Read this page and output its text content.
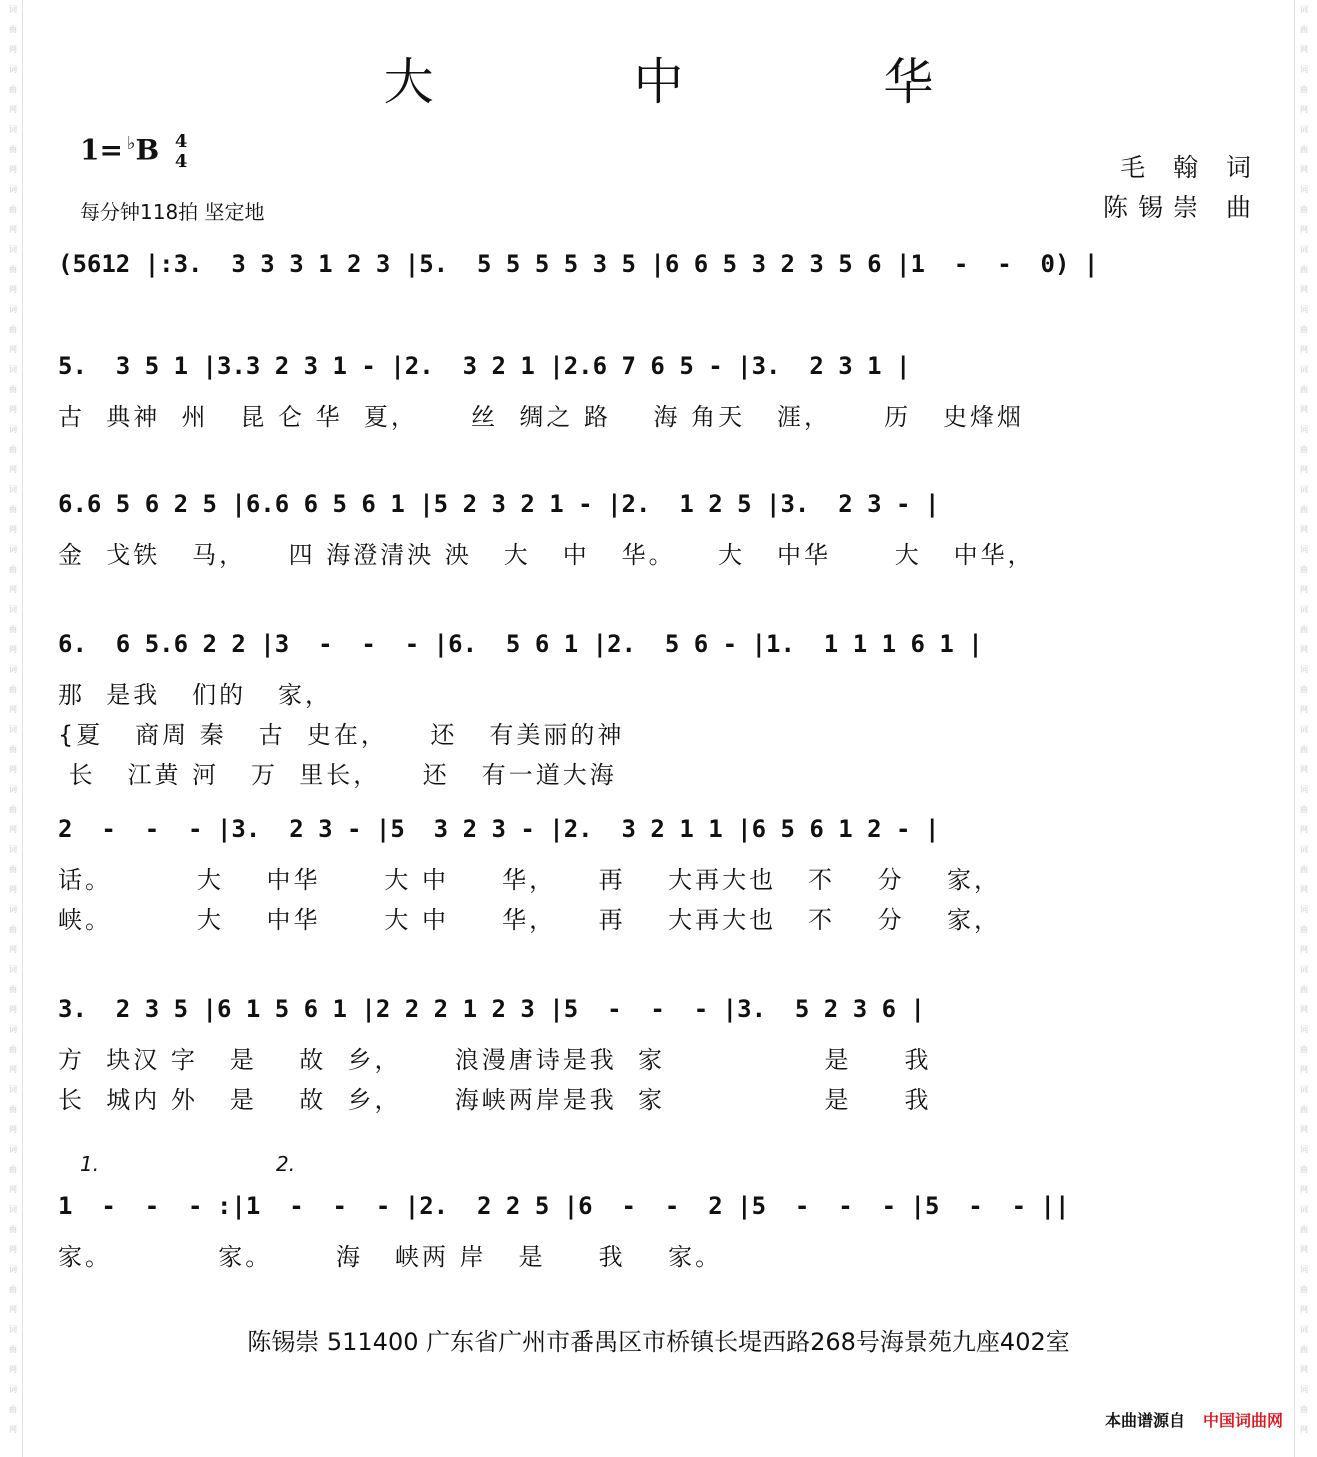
词
曲
网
词
曲
网
词
曲
网
词
曲
网
词
曲
网
词
曲
网
词
曲
网
词
曲
网
词
曲
网
词
曲
网
词
曲
网
词
曲
网
词
曲
网
词
曲
网
词
曲
网
词
曲
网
词
曲
网
词
曲
网
词
曲
网
词
曲
网
词
曲
网
词
曲
网
词
曲
网
词
曲
网

词
曲
网
词
曲
网
词
曲
网
词
曲
网
词
曲
网
词
曲
网
词
曲
网
词
曲
网
词
曲
网
词
曲
网
词
曲
网
词
曲
网
词
曲
网
词
曲
网
词
曲
网
词
曲
网
词
曲
网
词
曲
网
词
曲
网
词
曲
网
词
曲
网
词
曲
网
词
曲
网
词
曲
网

大 中 华
1= ♭B 4
4
每分钟118拍 坚定地
毛 翰 词
陈锡崇 曲
(5612 |:3.  3 3 3 1 2 3 |5.  5 5 5 5 3 5 |6 6 5 3 2 3 5 6 |1  -  -  0) |
5.  3 5 1 |3.3 2 3 1 - |2.  3 2 1 |2.6 7 6 5 - |3.  2 3 1 |
古  典神  州   昆 仑 华  夏，     丝  绸之 路    海 角天   涯，     历   史烽烟
6.6 5 6 2 5 |6.6 6 5 6 1 |5 2 3 2 1 - |2.  1 2 5 |3.  2 3 - |
金  戈铁   马，    四 海澄清泱 泱   大   中   华。    大   中华      大   中华，
6.  6 5.6 2 2 |3  -  -  - |6.  5 6 1 |2.  5 6 - |1.  1 1 1 6 1 |
那  是我   们的   家，
{夏   商周 秦   古  史在，    还   有美丽的神
长   江黄 河   万  里长，    还   有一道大海
2  -  -  - |3.  2 3 - |5  3 2 3 - |2.  3 2 1 1 |6 5 6 1 2 - |
话。        大    中华      大 中     华，    再    大再大也   不    分    家，
峡。        大    中华      大 中     华，    再    大再大也   不    分    家，
3.  2 3 5 |6 1 5 6 1 |2 2 2 1 2 3 |5  -  -  - |3.  5 2 3 6 |
方  块汉 字   是    故  乡，     浪漫唐诗是我  家               是     我
长  城内 外   是    故  乡，     海峡两岸是我  家               是     我
1  -  -  - :|1  -  -  - |2.  2 2 5 |6  -  -  2 |5  -  -  - |5  -  - ||
家。          家。      海   峡两 岸   是     我    家。
1.	2.
陈锡崇 511400 广东省广州市番禺区市桥镇长堤西路268号海景苑九座402室
本曲谱源自 中国词曲网
